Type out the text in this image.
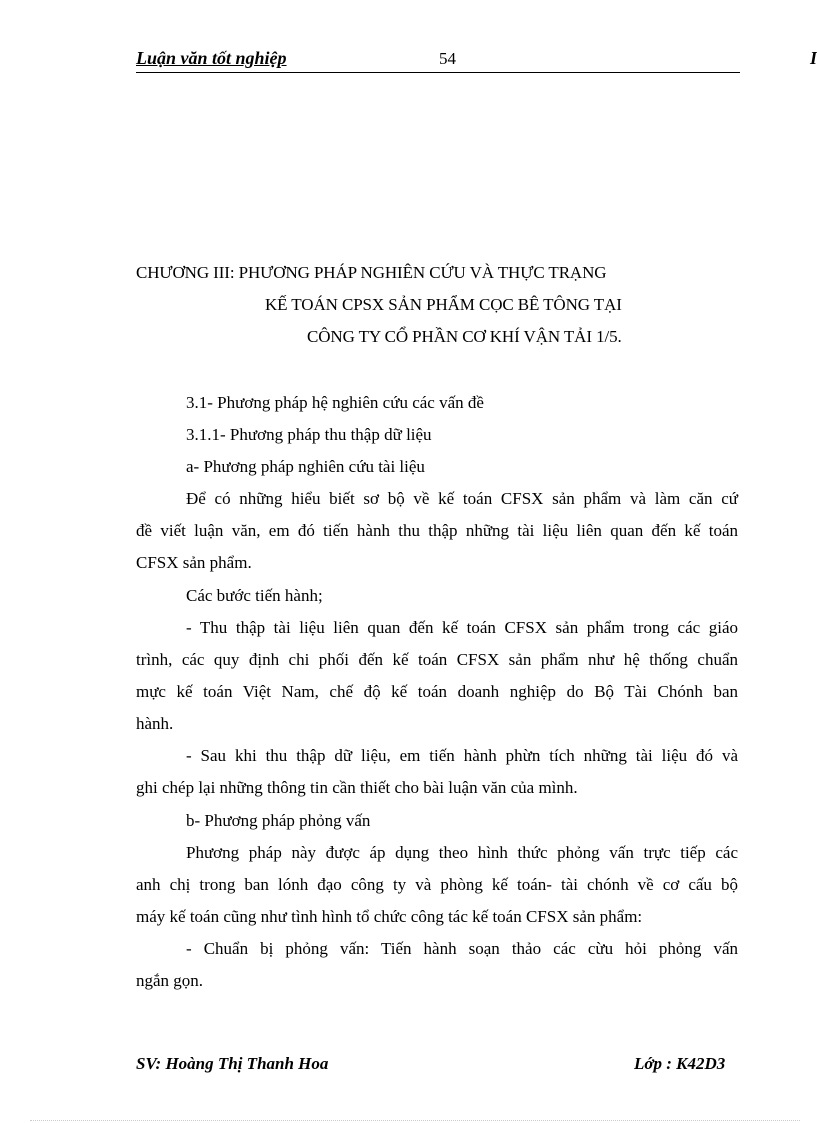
Luận văn tốt nghiệp	54	I
CHƯƠNG III: PHƯƠNG PHÁP NGHIÊN CỨU VÀ THỰC TRẠNG
KẾ TOÁN CPSX SẢN PHẨM CỌC BÊ TÔNG TẠI
CÔNG TY CỔ PHẦN CƠ KHÍ VẬN TẢI 1/5.
3.1- Phương pháp hệ nghiên cứu các vấn đề
3.1.1- Phương pháp thu thập dữ liệu
a- Phương pháp nghiên cứu tài liệu
Để có những hiểu biết sơ bộ về kế toán CFSX sản phẩm và làm căn cứ
đề viết luận văn, em đó tiến hành thu thập những tài liệu liên quan đến kế toán
CFSX sản phẩm.
Các bước tiến hành;
- Thu thập tài liệu liên quan đến kế toán CFSX sản phẩm trong các giáo
trình, các quy định chi phối đến kế toán CFSX sản phẩm như hệ thống chuẩn
mực kế toán Việt Nam, chế độ kế toán doanh nghiệp do Bộ Tài Chónh ban
hành.
- Sau khi thu thập dữ liệu, em tiến hành phừn tích những tài liệu đó và
ghi chép lại những thông tin cần thiết cho bài luận văn của mình.
b- Phương pháp phỏng vấn
Phương pháp này được áp dụng theo hình thức phỏng vấn trực tiếp các
anh chị trong ban lónh đạo công ty và phòng kế toán- tài chónh về cơ cấu bộ
máy kế toán cũng như tình hình tổ chức công tác kế toán CFSX sản phẩm:
- Chuẩn bị phỏng vấn: Tiến hành soạn thảo các cừu hỏi phỏng vấn
ngắn gọn.
SV: Hoàng Thị Thanh Hoa	Lớp : K42D3
